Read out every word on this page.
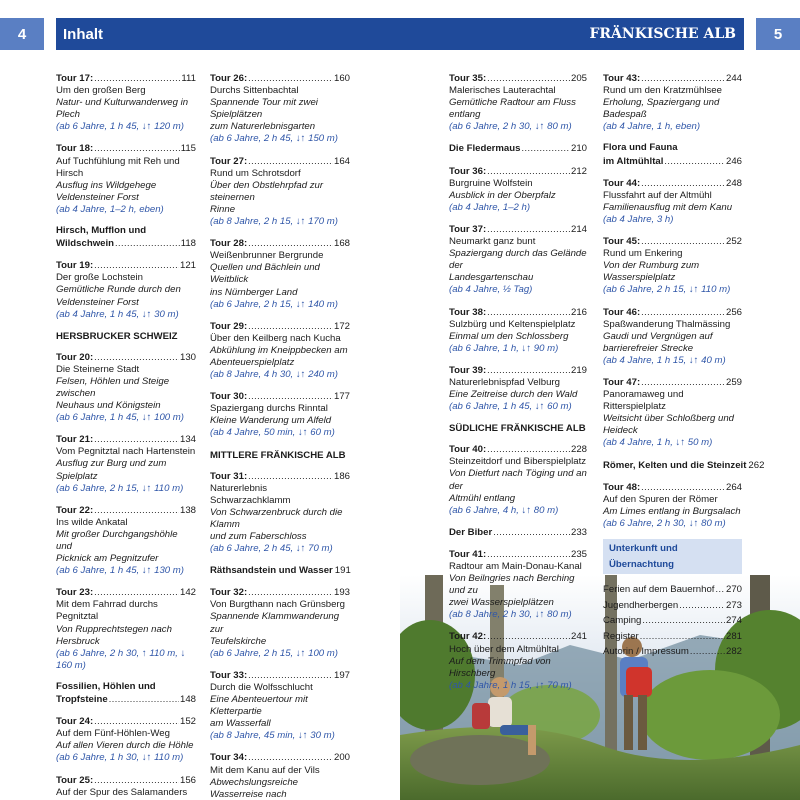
4	Inhalt
Tour 17: .....	111
Um den großen Berg
Natur- und Kulturwanderweg in Plech
(ab 6 Jahre, 1 h 45, ↓↑ 120 m)
Tour 18: .....	115
Auf Tuchfühlung mit Reh und Hirsch
Ausflug ins Wildgehege
Veldensteiner Forst
(ab 4 Jahre, 1–2 h, eben)
Hirsch, Mufflon und
Wildschwein .....	118
Tour 19: .....	121
Der große Lochstein
Gemütliche Runde durch den
Veldensteiner Forst
(ab 4 Jahre, 1 h 45, ↓↑ 30 m)
HERSBRUCKER SCHWEIZ
Tour 20: .....	130
Die Steinerne Stadt
Felsen, Höhlen und Steige zwischen
Neuhaus und Königstein
(ab 6 Jahre, 1 h 45, ↓↑ 100 m)
Tour 21: .....	134
Vom Pegnitztal nach Hartenstein
Ausflug zur Burg und zum Spielplatz
(ab 6 Jahre, 2 h 15, ↓↑ 110 m)
Tour 22: .....	138
Ins wilde Ankatal
Mit großer Durchgangshöhle und
Picknick am Pegnitzufer
(ab 6 Jahre, 1 h 45, ↓↑ 130 m)
Tour 23: .....	142
Mit dem Fahrrad durchs Pegnitztal
Von Rupprechtstegen nach Hersbruck
(ab 6 Jahre, 2 h 30, ↑ 110 m, ↓ 160 m)
Fossilien, Höhlen und
Tropfsteine .....	148
Tour 24: .....	152
Auf dem Fünf-Höhlen-Weg
Auf allen Vieren durch die Höhle
(ab 6 Jahre, 1 h 30, ↓↑ 110 m)
Tour 25: .....	156
Auf der Spur des Salamanders
Tour 26: .....	160
Durchs Sittenbachtal
Spannende Tour mit zwei Spielplätzen
zum Naturerlebnisgarten
(ab 6 Jahre, 2 h 45, ↓↑ 150 m)
Tour 27: .....	164
Rund um Schrotsdorf
Über den Obstlehrpfad zur steinernen
Rinne
(ab 8 Jahre, 2 h 15, ↓↑ 170 m)
Tour 28: .....	168
Weißenbrunner Bergrunde
Quellen und Bächlein und Weitblick
ins Nürnberger Land
(ab 6 Jahre, 2 h 15, ↓↑ 140 m)
Tour 29: .....	172
Über den Keilberg nach Kucha
Abkühlung im Kneippbecken am
Abenteuerspielplatz
(ab 8 Jahre, 4 h 30, ↓↑ 240 m)
Tour 30: .....	177
Spaziergang durchs Rinntal
Kleine Wanderung um Alfeld
(ab 4 Jahre, 50 min, ↓↑ 60 m)
MITTLERE FRÄNKISCHE ALB
Tour 31: .....	186
Naturerlebnis Schwarzachklamm
Von Schwarzenbruck durch die Klamm
und zum Faberschloss
(ab 6 Jahre, 2 h 45, ↓↑ 70 m)
Räthsandstein und Wasser 191
Tour 32: .....	193
Von Burgthann nach Grünsberg
Spannende Klammwanderung zur
Teufelskirche
(ab 6 Jahre, 2 h 15, ↓↑ 100 m)
Tour 33: .....	197
Durch die Wolfsschlucht
Eine Abenteuertour mit Kletterpartie
am Wasserfall
(ab 8 Jahre, 45 min, ↓↑ 30 m)
Tour 34: .....	200
Mit dem Kanu auf der Vils
Abwechslungsreiche Wasserreise nach
FRÄNKISCHE ALB	5
Tour 35: .....	205
Malerisches Lauterachtal
Gemütliche Radtour am Fluss entlang
(ab 6 Jahre, 2 h 30, ↓↑ 80 m)
Die Fledermaus .....	210
Tour 36: .....	212
Burgruine Wolfstein
Ausblick in der Oberpfalz
(ab 4 Jahre, 1–2 h)
Tour 37: .....	214
Neumarkt ganz bunt
Spaziergang durch das Gelände der
Landesgartenschau
(ab 4 Jahre, ½ Tag)
Tour 38: .....	216
Sulzbürg und Keltenspielplatz
Einmal um den Schlossberg
(ab 6 Jahre, 1 h, ↓↑ 90 m)
Tour 39: .....	219
Naturerlebnispfad Velburg
Eine Zeitreise durch den Wald
(ab 6 Jahre, 1 h 45, ↓↑ 60 m)
SÜDLICHE FRÄNKISCHE ALB
Tour 40: .....	228
Steinzeitdorf und Biberspielplatz
Von Dietfurt nach Töging und an der
Altmühl entlang
(ab 6 Jahre, 4 h, ↓↑ 80 m)
Der Biber .....	233
Tour 41: .....	235
Radtour am Main-Donau-Kanal
Von Beilngries nach Berching und zu
zwei Wasserspielplätzen
(ab 8 Jahre, 2 h 30, ↓↑ 80 m)
Tour 42: .....	241
Hoch über dem Altmühltal
Auf dem Trimmpfad von Hirschberg
(ab 4 Jahre, 1 h 15, ↓↑ 70 m)
Tour 43: .....	244
Rund um den Kratzmühlsee
Erholung, Spaziergang und Badespaß
(ab 4 Jahre, 1 h, eben)
Flora und Fauna
im Altmühltal .....	246
Tour 44: .....	248
Flussfahrt auf der Altmühl
Familienausflug mit dem Kanu
(ab 4 Jahre, 3 h)
Tour 45: .....	252
Rund um Enkering
Von der Rumburg zum
Wasserspielplatz
(ab 6 Jahre, 2 h 15, ↓↑ 110 m)
Tour 46: .....	256
Spaßwanderung Thalmässing
Gaudi und Vergnügen auf
barrierefreier Strecke
(ab 4 Jahre, 1 h 15, ↓↑ 40 m)
Tour 47: .....	259
Panoramaweg und Ritterspielplatz
Weitsicht über Schloßberg und
Heideck
(ab 4 Jahre, 1 h, ↓↑ 50 m)
Römer, Kelten und die Steinzeit 262
Tour 48: .....	264
Auf den Spuren der Römer
Am Limes entlang in Burgsalach
(ab 6 Jahre, 2 h 30, ↓↑ 80 m)
Unterkunft und Übernachtung
Ferien auf dem Bauernhof ..... 270
Jugendherbergen .....	273
Camping .....	274
Register .....	281
Autorin / Impressum .....	282
